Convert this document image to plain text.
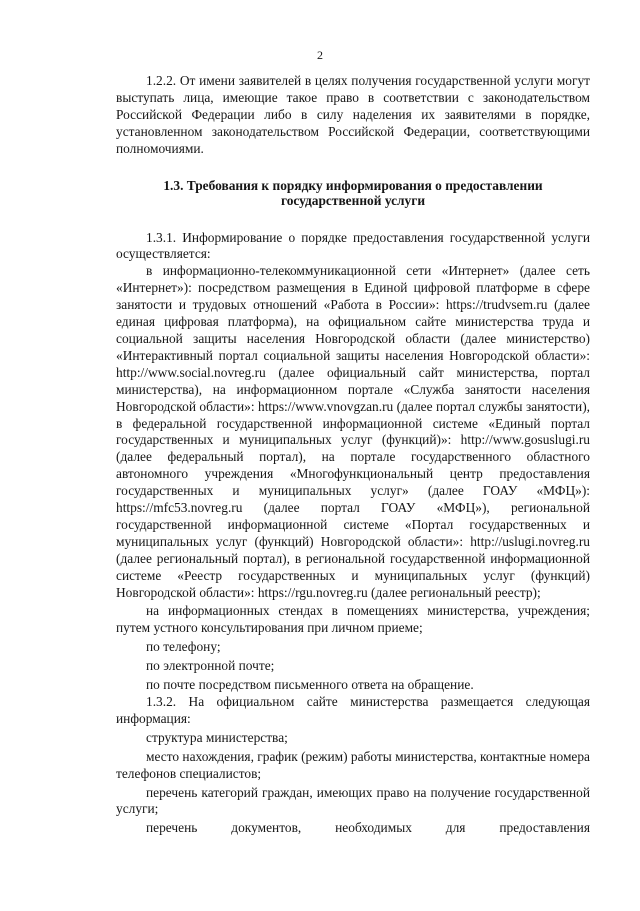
2

1.2.2. От имени заявителей в целях получения государственной услуги могут выступать лица, имеющие такое право в соответствии с законодательством Российской Федерации либо в силу наделения их заявителями в порядке, установленном законодательством Российской Федерации, соответствующими полномочиями.

1.3. Требования к порядку информирования о предоставлении государственной услуги

1.3.1. Информирование о порядке предоставления государственной услуги осуществляется:

в информационно-телекоммуникационной сети «Интернет» (далее сеть «Интернет»): посредством размещения в Единой цифровой платформе в сфере занятости и трудовых отношений «Работа в России»: https://trudvsem.ru (далее единая цифровая платформа), на официальном сайте министерства труда и социальной защиты населения Новгородской области (далее министерство) «Интерактивный портал социальной защиты населения Новгородской области»: http://www.social.novreg.ru (далее официальный сайт министерства, портал министерства), на информационном портале «Служба занятости населения Новгородской области»: https://www.vnovgzan.ru (далее портал службы занятости), в федеральной государственной информационной системе «Единый портал государственных и муниципальных услуг (функций)»: http://www.gosuslugi.ru (далее федеральный портал), на портале государственного областного автономного учреждения «Многофункциональный центр предоставления государственных и муниципальных услуг» (далее ГОАУ «МФЦ»): https://mfc53.novreg.ru (далее портал ГОАУ «МФЦ»), региональной государственной информационной системе «Портал государственных и муниципальных услуг (функций) Новгородской области»: http://uslugi.novreg.ru (далее региональный портал), в региональной государственной информационной системе «Реестр государственных и муниципальных услуг (функций) Новгородской области»: https://rgu.novreg.ru (далее региональный реестр);

на информационных стендах в помещениях министерства, учреждения; путем устного консультирования при личном приеме;

по телефону;

по электронной почте;

по почте посредством письменного ответа на обращение.

1.3.2. На официальном сайте министерства размещается следующая информация:

структура министерства;

место нахождения, график (режим) работы министерства, контактные номера телефонов специалистов;

перечень категорий граждан, имеющих право на получение государственной услуги;

перечень документов, необходимых для предоставления
